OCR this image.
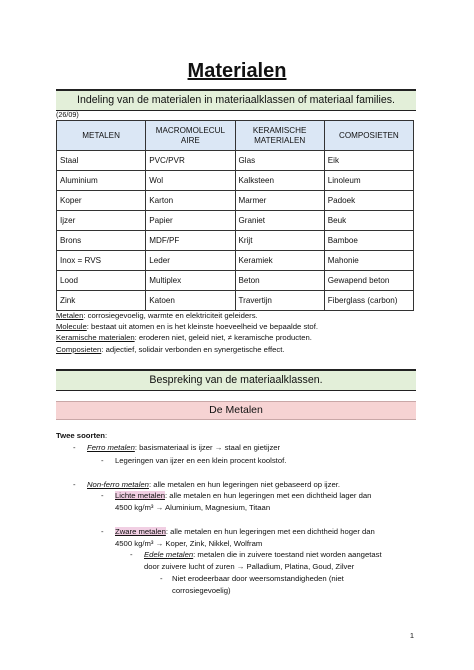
Materialen
Indeling van de materialen in materiaalklassen of materiaal families.
(26/09)
METALEN	MACROMOLECUL AIRE	KERAMISCHE MATERIALEN	COMPOSIETEN
Staal	PVC/PVR	Glas	Eik
Aluminium	Wol	Kalksteen	Linoleum
Koper	Karton	Marmer	Padoek
Ijzer	Papier	Graniet	Beuk
Brons	MDF/PF	Krijt	Bamboe
Inox = RVS	Leder	Keramiek	Mahonie
Lood	Multiplex	Beton	Gewapend beton
Zink	Katoen	Travertijn	Fiberglass (carbon)
Metalen: corrosiegevoelig, warmte en elektriciteit geleiders.
Molecule: bestaat uit atomen en is het kleinste hoeveelheid ve bepaalde stof.
Keramische materialen: eroderen niet, geleid niet, ≠ keramische producten.
Composieten: adjectief, solidair verbonden en synergetische effect.
Bespreking van de materiaalklassen.
De Metalen
Twee soorten:
- Ferro metalen: basismateriaal is ijzer → staal en gietijzer
- Legeringen van ijzer en een klein procent koolstof.
- Non-ferro metalen: alle metalen en hun legeringen niet gebaseerd op ijzer.
- Lichte metalen: alle metalen en hun legeringen met een dichtheid lager dan
4500 kg/m³ → Aluminium, Magnesium, Titaan
- Zware metalen: alle metalen en hun legeringen met een dichtheid hoger dan
4500 kg/m³ → Koper, Zink, Nikkel, Wolfram
- Edele metalen: metalen die in zuivere toestand niet worden aangetast
door zuivere lucht of zuren → Palladium, Platina, Goud, Zilver
- Niet erodeerbaar door weersomstandigheden (niet
corrosiegevoelig)
1
